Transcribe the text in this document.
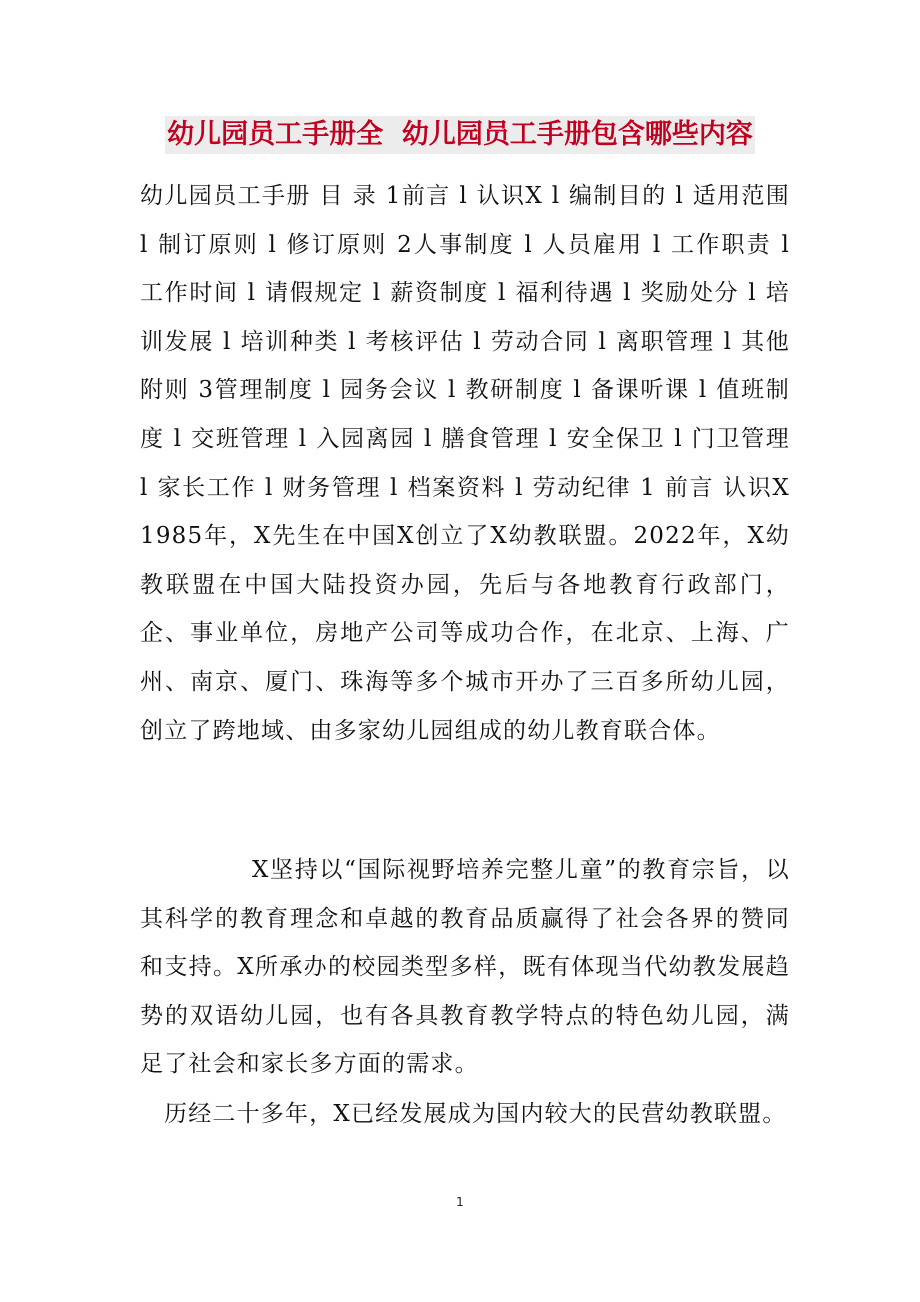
幼儿园员工手册全  幼儿园员工手册包含哪些内容
幼儿园员工手册 目 录 1前言 l 认识X l 编制目的 l 适用范围 l 制订原则 l 修订原则 2人事制度 l 人员雇用 l 工作职责 l 工作时间 l 请假规定 l 薪资制度 l 福利待遇 l 奖励处分 l 培训发展 l 培训种类 l 考核评估 l 劳动合同 l 离职管理 l 其他附则 3管理制度 l 园务会议 l 教研制度 l 备课听课 l 值班制度 l 交班管理 l 入园离园 l 膳食管理 l 安全保卫 l 门卫管理 l 家长工作 l 财务管理 l 档案资料 l 劳动纪律 1 前言 认识X 1985年，X先生在中国X创立了X幼教联盟。2022年，X幼教联盟在中国大陆投资办园，先后与各地教育行政部门，企、事业单位，房地产公司等成功合作，在北京、上海、广州、南京、厦门、珠海等多个城市开办了三百多所幼儿园，创立了跨地域、由多家幼儿园组成的幼儿教育联合体。
X坚持以“国际视野培养完整儿童”的教育宗旨，以其科学的教育理念和卓越的教育品质赢得了社会各界的赞同和支持。X所承办的校园类型多样，既有体现当代幼教发展趋势的双语幼儿园，也有各具教育教学特点的特色幼儿园，满足了社会和家长多方面的需求。
历经二十多年，X已经发展成为国内较大的民营幼教联盟。
1
